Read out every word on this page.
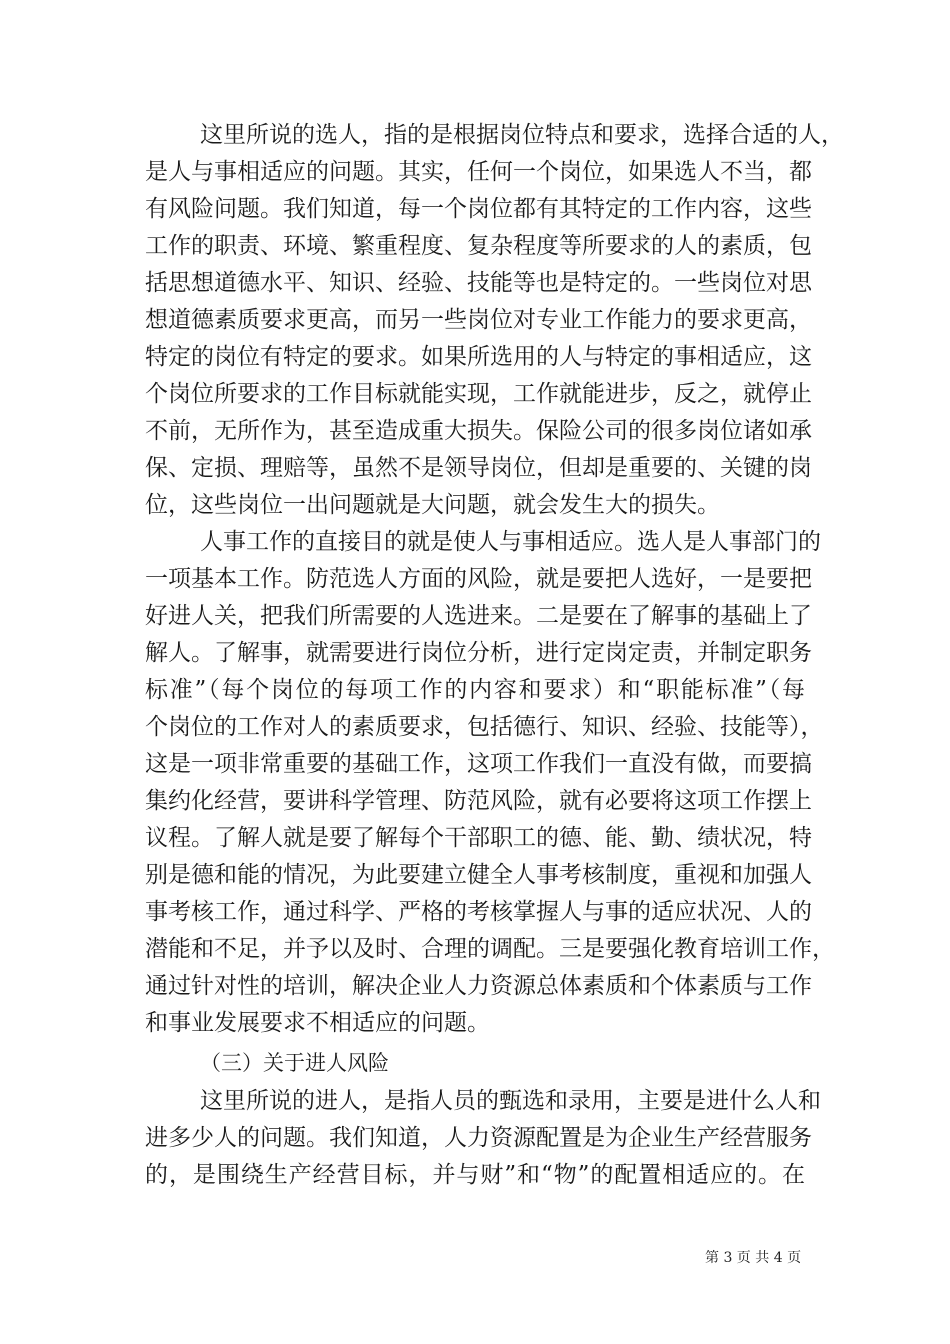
这里所说的选人，指的是根据岗位特点和要求，选择合适的人，

是人与事相适应的问题。其实，任何一个岗位，如果选人不当，都

有风险问题。我们知道，每一个岗位都有其特定的工作内容，这些

工作的职责、环境、繁重程度、复杂程度等所要求的人的素质，包

括思想道德水平、知识、经验、技能等也是特定的。一些岗位对思

想道德素质要求更高，而另一些岗位对专业工作能力的要求更高，

特定的岗位有特定的要求。如果所选用的人与特定的事相适应，这

个岗位所要求的工作目标就能实现，工作就能进步，反之，就停止

不前，无所作为，甚至造成重大损失。保险公司的很多岗位诸如承

保、定损、理赔等，虽然不是领导岗位，但却是重要的、关键的岗

位，这些岗位一出问题就是大问题，就会发生大的损失。

人事工作的直接目的就是使人与事相适应。选人是人事部门的

一项基本工作。防范选人方面的风险，就是要把人选好，一是要把

好进人关，把我们所需要的人选进来。二是要在了解事的基础上了

解人。了解事，就需要进行岗位分析，进行定岗定责，并制定职务

标准”（每个岗位的每项工作的内容和要求）和“职能标准”（每

个岗位的工作对人的素质要求，包括德行、知识、经验、技能等），

这是一项非常重要的基础工作，这项工作我们一直没有做，而要搞

集约化经营，要讲科学管理、防范风险，就有必要将这项工作摆上

议程。了解人就是要了解每个干部职工的德、能、勤、绩状况，特

别是德和能的情况，为此要建立健全人事考核制度，重视和加强人

事考核工作，通过科学、严格的考核掌握人与事的适应状况、人的

潜能和不足，并予以及时、合理的调配。三是要强化教育培训工作，

通过针对性的培训，解决企业人力资源总体素质和个体素质与工作

和事业发展要求不相适应的问题。

（三）关于进人风险

这里所说的进人，是指人员的甄选和录用，主要是进什么人和

进多少人的问题。我们知道，人力资源配置是为企业生产经营服务

的，是围绕生产经营目标，并与财”和“物”的配置相适应的。在

第 3 页 共 4 页
